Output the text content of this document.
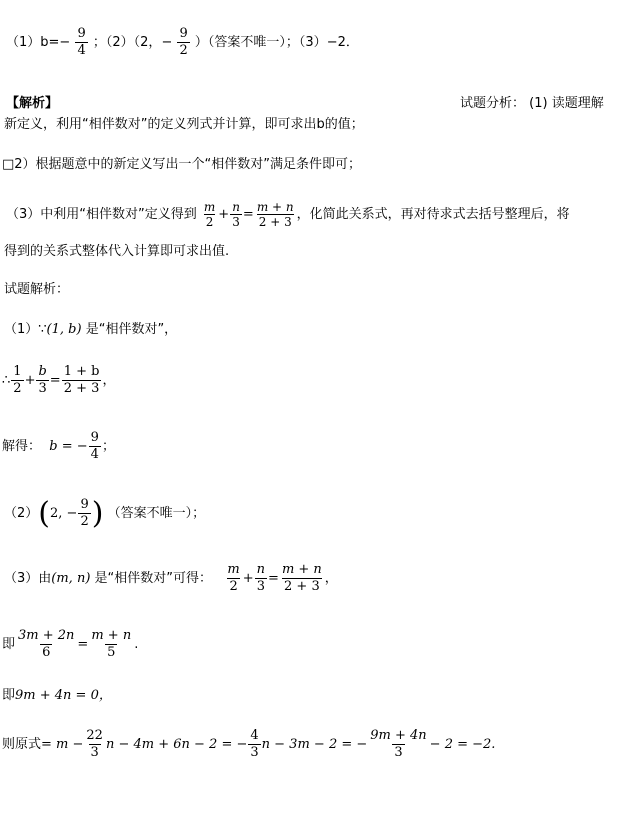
$(1)b=- \frac{9}{4}$ ；（2）（2，− $\frac{9}{2}$ ）（答案不唯一）；（3）−2．
【解析】	试题分析： (1) 读题理解
新定义，利用“相伴数对”的定义列式并计算，即可求出b的值；
□2）根据题意中的新定义写出一个“相伴数对”满足条件即可；
（3）中利用“相伴数对”定义得到 $\frac{m}{2} + \frac{n}{3} = \frac{m + n}{2 + 3}$ ，化简此关系式，再对待求式去括号整理后，将
得到的关系式整体代入计算即可求出值.
试题解析：
（1）∵(1, b) 是“相伴数对”，
∴ $\frac{1}{2} + \frac{b}{3} = \frac{1 + b}{2 + 3}$ ，
解得： b = − $\frac{9}{4}$ ；
（2）(2, − $\frac{9}{2}$ ) （答案不唯一）；
（3）由(m, n) 是“相伴数对”可得： $\frac{m}{2} + \frac{n}{3} = \frac{m + n}{2 + 3}$ ，
即 $\frac{3m + 2n}{6} = \frac{m + n}{5}$ .
即9m + 4n = 0，
则原式= $m - \frac{22}{3}$ n − 4m + 6n − 2 = − $\frac{4}{3}$ n − 3m − 2 = − $\frac{9m + 4n}{3} - 2 = -2$.
